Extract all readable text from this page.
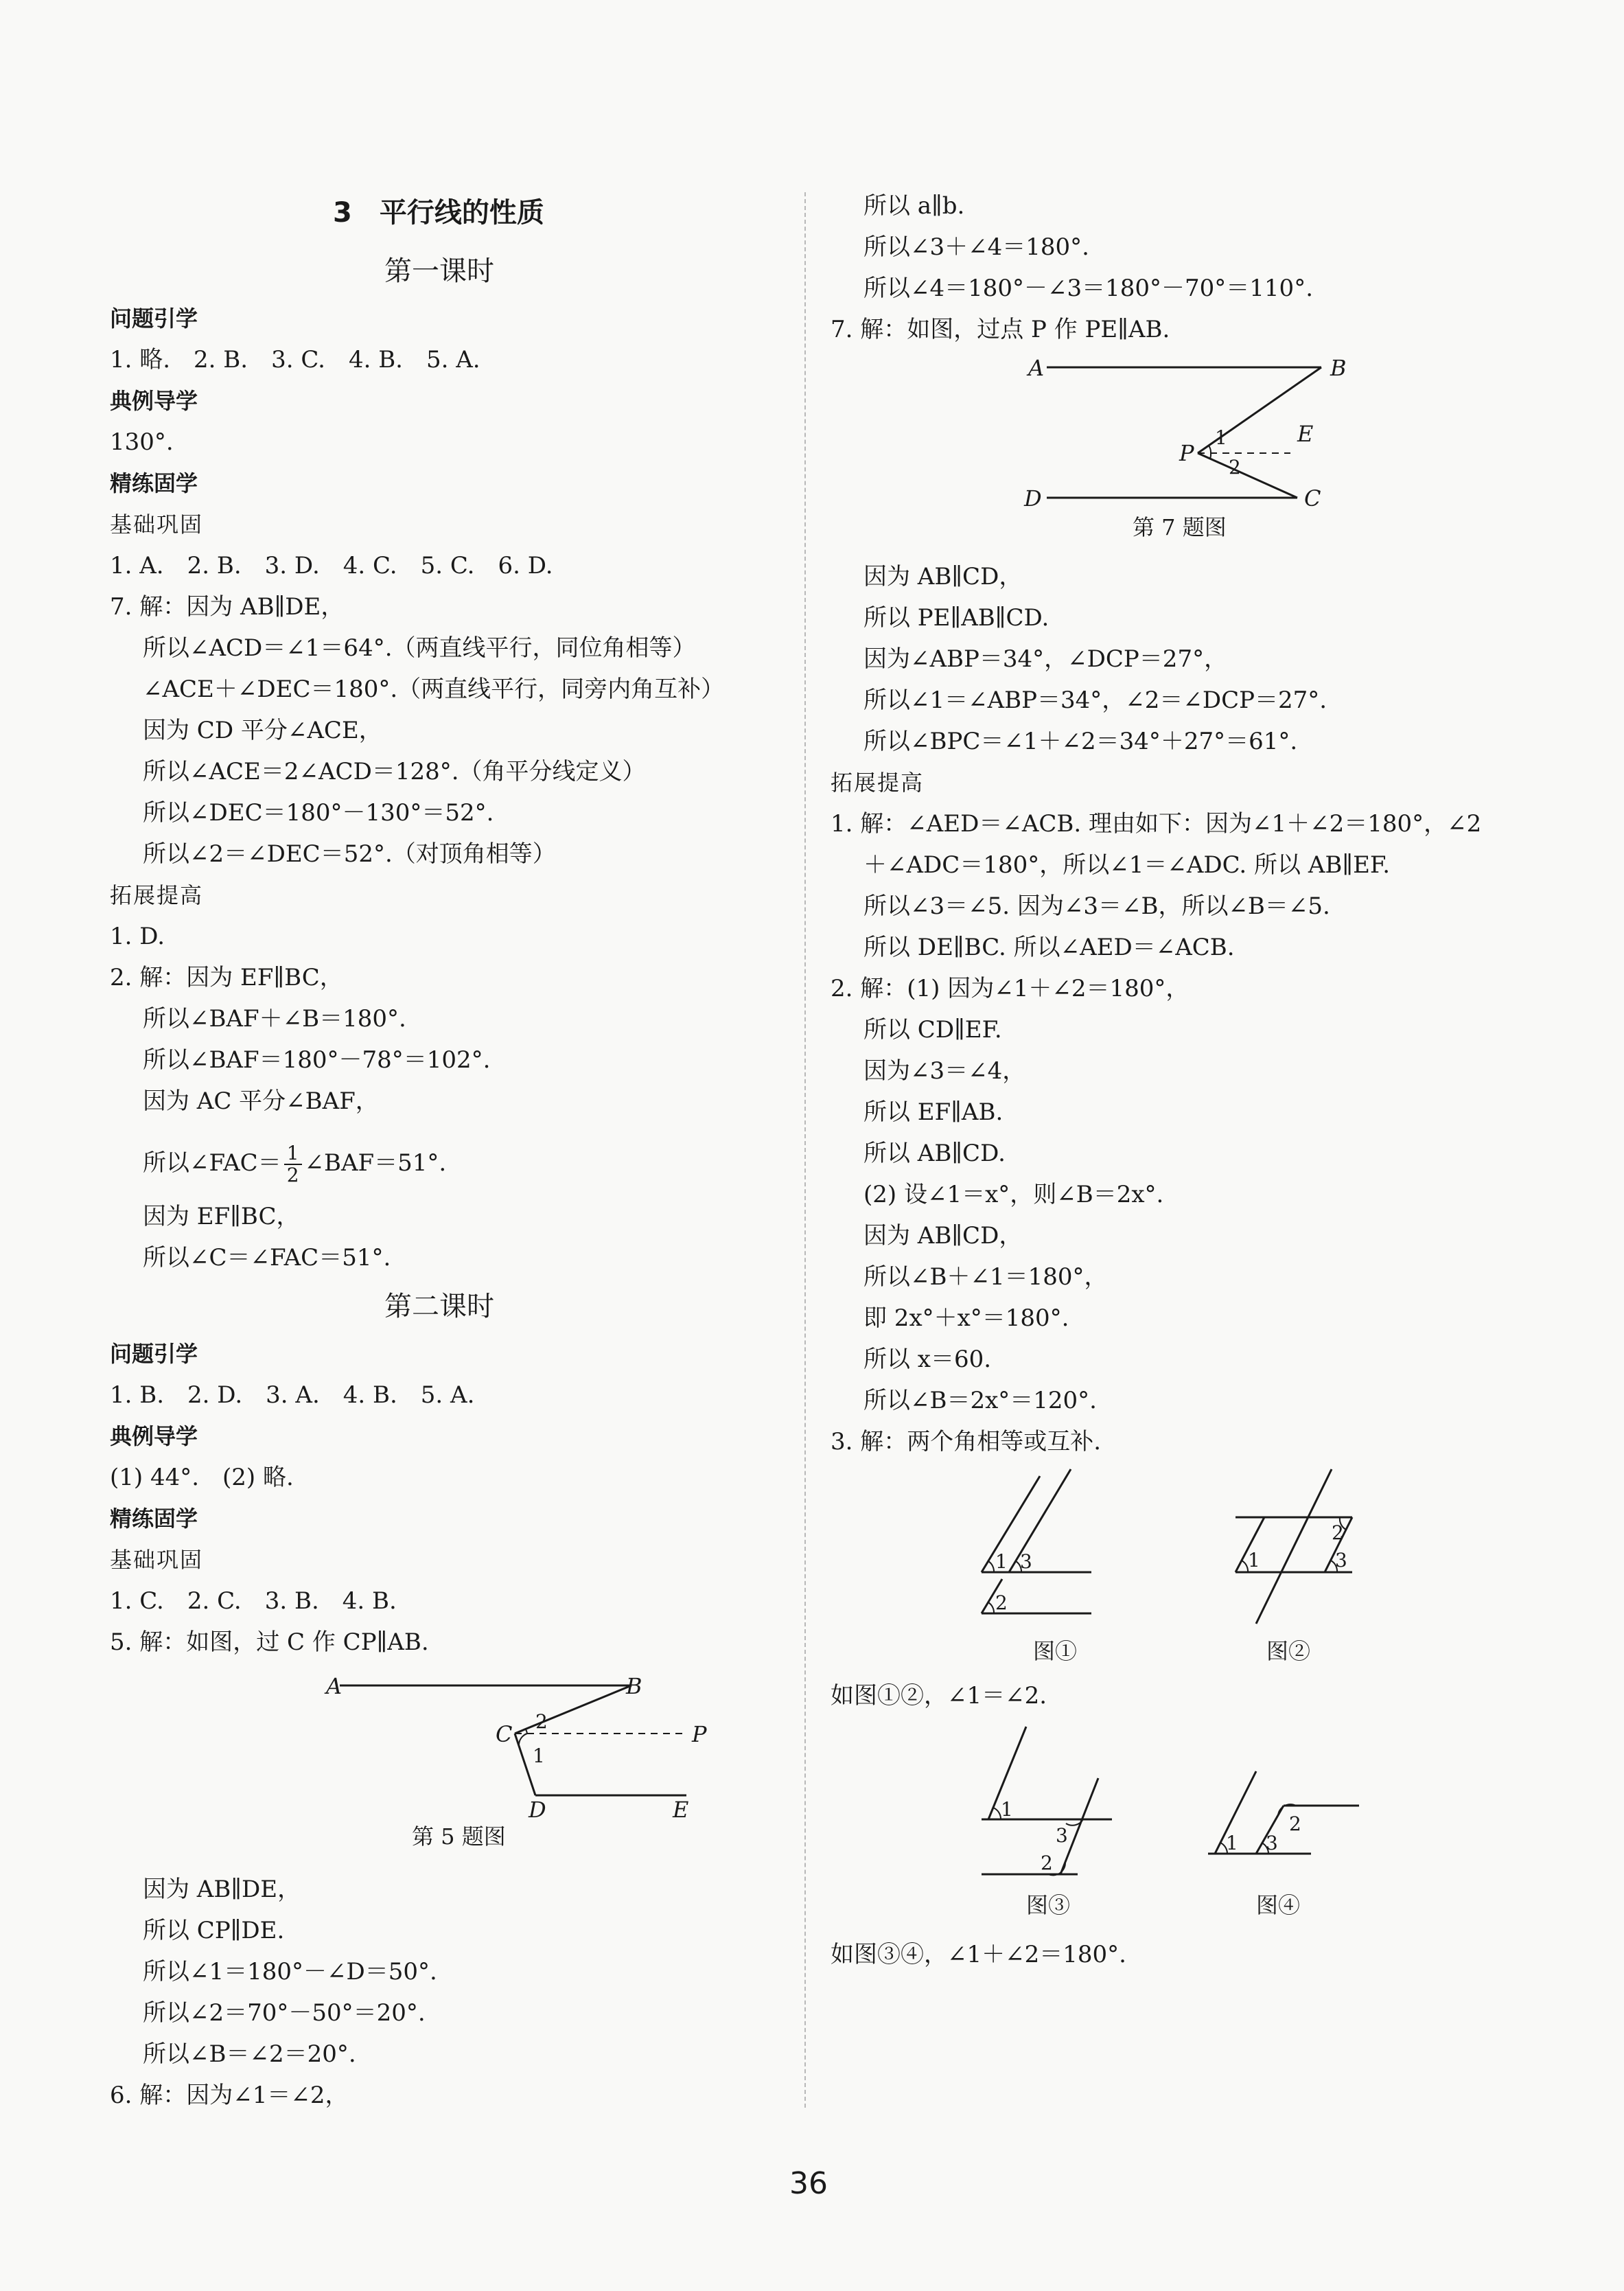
3　平行线的性质
第一课时
问题引学
1. 略.　2. B.　3. C.　4. B.　5. A.
典例导学
130°.
精练固学
基础巩固
1. A.　2. B.　3. D.　4. C.　5. C.　6. D.
7. 解：因为 AB∥DE，
所以∠ACD＝∠1＝64°.（两直线平行，同位角相等）
∠ACE＋∠DEC＝180°.（两直线平行，同旁内角互补）
因为 CD 平分∠ACE，
所以∠ACE＝2∠ACD＝128°.（角平分线定义）
所以∠DEC＝180°－130°＝52°.
所以∠2＝∠DEC＝52°.（对顶角相等）
拓展提高
1. D.
2. 解：因为 EF∥BC，
所以∠BAF＋∠B＝180°.
所以∠BAF＝180°－78°＝102°.
因为 AC 平分∠BAF，
所以∠FAC＝ $\frac{1}{2}$ ∠BAF＝51°.
因为 EF∥BC，
所以∠C＝∠FAC＝51°.
第二课时
问题引学
1. B.　2. D.　3. A.　4. B.　5. A.
典例导学
(1) 44°.　(2) 略.
精练固学
基础巩固
1. C.　2. C.　3. B.　4. B.
5. 解：如图，过 C 作 CP∥AB.
A	B
C	P
D	E
2
1
第 5 题图
因为 AB∥DE，
所以 CP∥DE.
所以∠1＝180°－∠D＝50°.
所以∠2＝70°－50°＝20°.
所以∠B＝∠2＝20°.
6. 解：因为∠1＝∠2，
所以 a∥b.
所以∠3＋∠4＝180°.
所以∠4＝180°－∠3＝180°－70°＝110°.
7. 解：如图，过点 P 作 PE∥AB.
A	B
P
E
D	C
1
2
第 7 题图
因为 AB∥CD，
所以 PE∥AB∥CD.
因为∠ABP＝34°，∠DCP＝27°，
所以∠1＝∠ABP＝34°，∠2＝∠DCP＝27°.
所以∠BPC＝∠1＋∠2＝34°＋27°＝61°.
拓展提高
1. 解：∠AED＝∠ACB. 理由如下：因为∠1＋∠2＝180°，∠2
＋∠ADC＝180°，所以∠1＝∠ADC. 所以 AB∥EF.
所以∠3＝∠5. 因为∠3＝∠B，所以∠B＝∠5.
所以 DE∥BC. 所以∠AED＝∠ACB.
2. 解：(1) 因为∠1＋∠2＝180°，
所以 CD∥EF.
因为∠3＝∠4，
所以 EF∥AB.
所以 AB∥CD.
(2) 设∠1＝x°，则∠B＝2x°.
因为 AB∥CD，
所以∠B＋∠1＝180°，
即 2x°＋x°＝180°.
所以 x＝60.
所以∠B＝2x°＝120°.
3. 解：两个角相等或互补.
1 3
2
图①
1
2
3
图②
如图①②，∠1＝∠2.
1
3
2
图③
1 3
2
图④
如图③④，∠1＋∠2＝180°.
36
